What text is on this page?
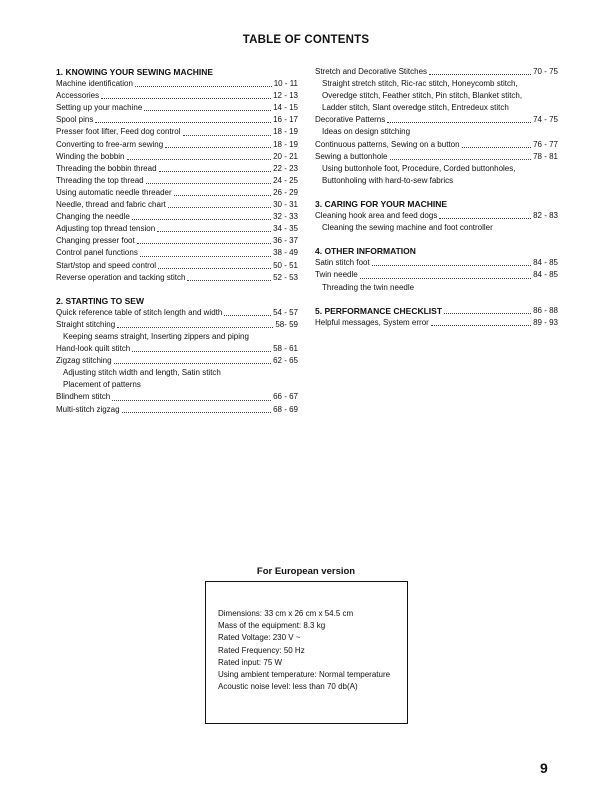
TABLE OF CONTENTS
1. KNOWING YOUR SEWING MACHINE
Machine identification	10 - 11
Accessories	12 - 13
Setting up your machine	14 - 15
Spool pins	16 - 17
Presser foot lifter, Feed dog control	18 - 19
Converting to free-arm sewing	18 - 19
Winding the bobbin	20 - 21
Threading the bobbin thread	22 - 23
Threading the top thread	24 - 25
Using automatic needle threader	26 - 29
Needle, thread and fabric chart	30 - 31
Changing the needle	32 - 33
Adjusting top thread tension	34 - 35
Changing presser foot	36 - 37
Control panel functions	38 - 49
Start/stop and speed control	50 - 51
Reverse operation and tacking stitch	52 - 53
2. STARTING TO SEW
Quick reference table of stitch length and width	54 - 57
Straight stitching	58- 59
Keeping seams straight, Inserting zippers and piping
Hand-look quilt stitch	58 - 61
Zigzag stitching	62 - 65
Adjusting stitch width and length, Satin stitch
Placement of patterns
Blindhem stitch	66 - 67
Multi-stitch zigzag	68 - 69
Stretch and Decorative Stitches	70 - 75
Straight stretch stitch, Ric-rac stitch, Honeycomb stitch,
Overedge stitch, Feather stitch, Pin stitch, Blanket stitch,
Ladder stitch, Slant overedge stitch, Entredeux stitch
Decorative Patterns	74 - 75
Ideas on design stitching
Continuous patterns, Sewing on a button	76 - 77
Sewing a buttonhole	78 - 81
Using buttonhole foot, Procedure, Corded buttonholes,
Buttonholing with hard-to-sew fabrics
3. CARING FOR YOUR MACHINE
Cleaning hook area and feed dogs	82 - 83
Cleaning the sewing machine and foot controller
4. OTHER INFORMATION
Satin stitch foot	84 - 85
Twin needle	84 - 85
Threading the twin needle
5. PERFORMANCE CHECKLIST	86 - 88
Helpful messages, System error	89 - 93
For European version
Dimensions: 33 cm x 26 cm x 54.5 cm
Mass of the equipment: 8.3 kg
Rated Voltage: 230 V ~
Rated Frequency: 50 Hz
Rated input: 75 W
Using ambient temperature: Normal temperature
Acoustic noise level: less than 70 db(A)
9
